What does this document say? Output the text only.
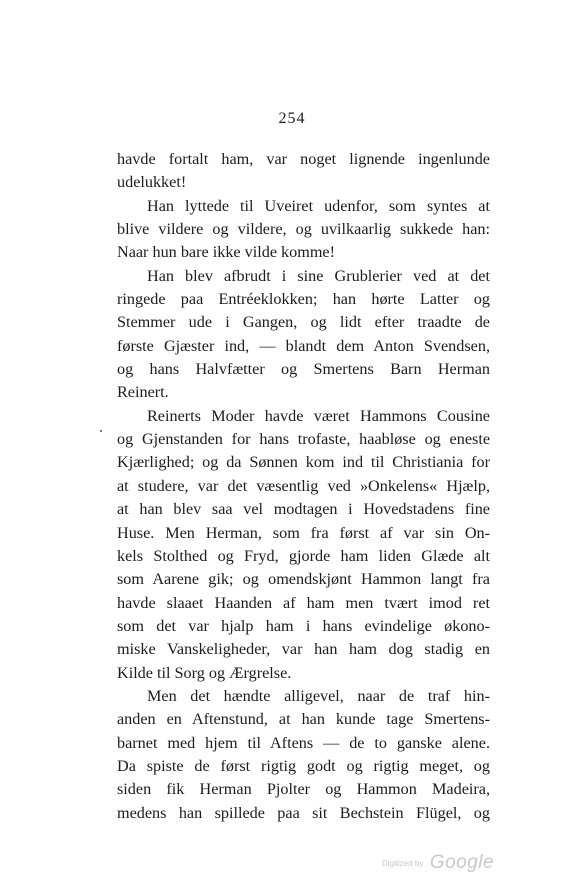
254
havde fortalt ham, var noget lignende ingenlunde
udelukket!
Han lyttede til Uveiret udenfor, som syntes at
blive vildere og vildere, og uvilkaarlig sukkede han:
Naar hun bare ikke vilde komme!
Han blev afbrudt i sine Grublerier ved at det
ringede paa Entréeklokken; han hørte Latter og
Stemmer ude i Gangen, og lidt efter traadte de
første Gjæster ind, — blandt dem Anton Svendsen,
og hans Halvfætter og Smertens Barn Herman
Reinert.
Reinerts Moder havde været Hammons Cousine
og Gjenstanden for hans trofaste, haabløse og eneste
Kjærlighed; og da Sønnen kom ind til Christiania for
at studere, var det væsentlig ved »Onkelens« Hjælp,
at han blev saa vel modtagen i Hovedstadens fine
Huse. Men Herman, som fra først af var sin On-
kels Stolthed og Fryd, gjorde ham liden Glæde alt
som Aarene gik; og omendskjønt Hammon langt fra
havde slaaet Haanden af ham men tvært imod ret
som det var hjalp ham i hans evindelige økono-
miske Vanskeligheder, var han ham dog stadig en
Kilde til Sorg og Ærgrelse.
Men det hændte alligevel, naar de traf hin-
anden en Aftenstund, at han kunde tage Smertens-
barnet med hjem til Aftens — de to ganske alene.
Da spiste de først rigtig godt og rigtig meget, og
siden fik Herman Pjolter og Hammon Madeira,
medens han spillede paa sit Bechstein Flügel, og
Digitized by Google
